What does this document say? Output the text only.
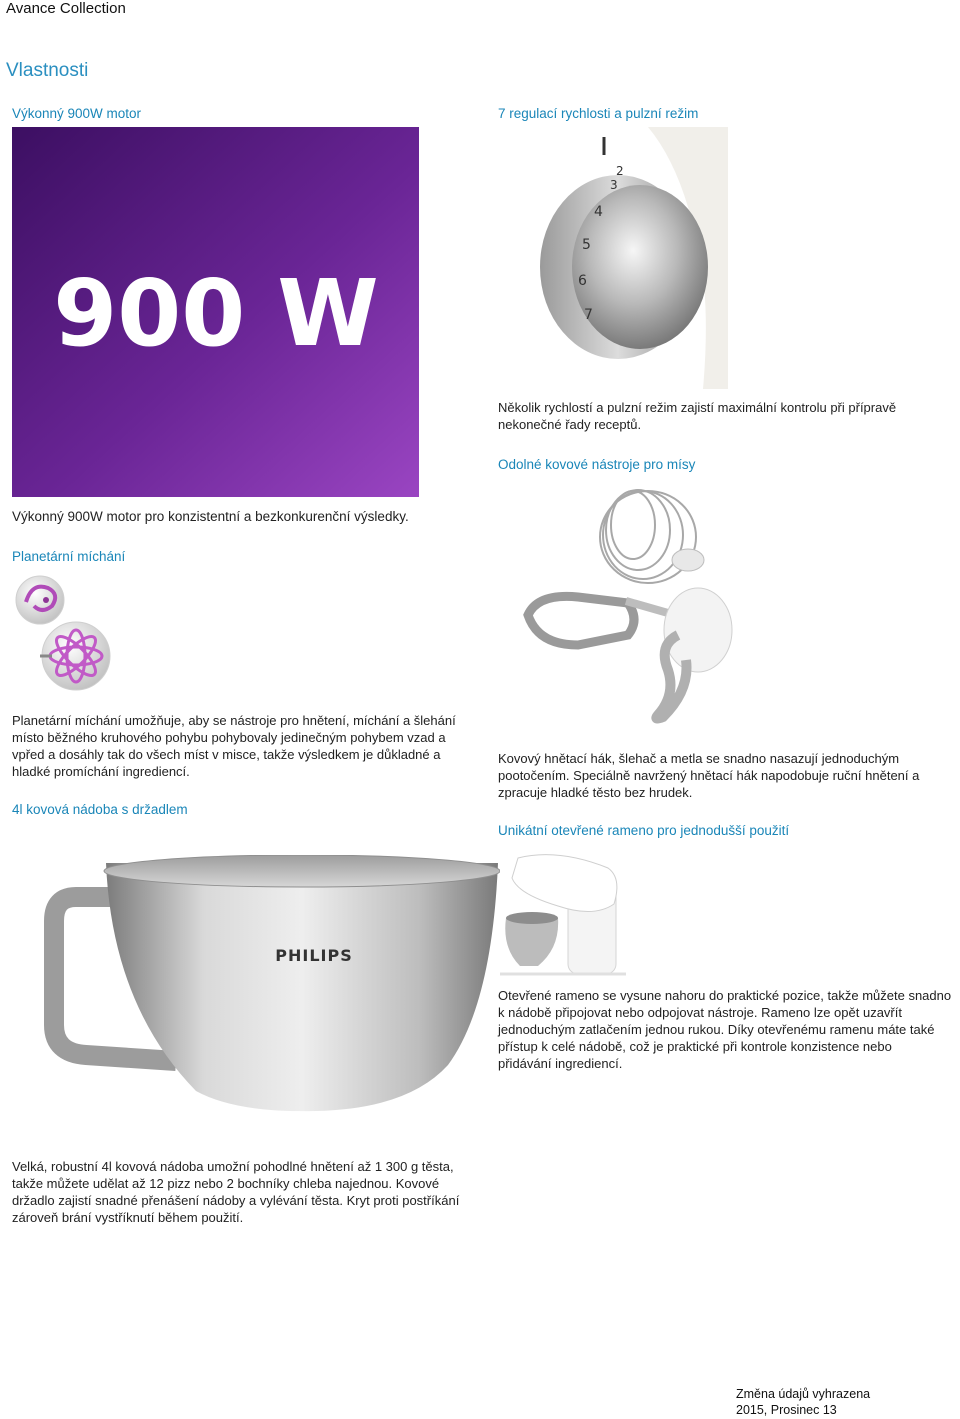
Avance Collection
Vlastnosti
Výkonný 900W motor
900 W
Výkonný 900W motor pro konzistentní a bezkonkurenční výsledky.
7 regulací rychlosti a pulzní režim
2
3
4
5
6
7
Několik rychlostí a pulzní režim zajistí maximální kontrolu při přípravě
nekonečné řady receptů.
Odolné kovové nástroje pro mísy
Kovový hnětací hák, šlehač a metla se snadno nasazují jednoduchým
pootočením. Speciálně navržený hnětací hák napodobuje ruční hnětení a
zpracuje hladké těsto bez hrudek.
Planetární míchání
Planetární míchání umožňuje, aby se nástroje pro hnětení, míchání a šlehání
místo běžného kruhového pohybu pohybovaly jedinečným pohybem vzad a
vpřed a dosáhly tak do všech míst v misce, takže výsledkem je důkladné a
hladké promíchání ingrediencí.
4l kovová nádoba s držadlem
PHILIPS
Velká, robustní 4l kovová nádoba umožní pohodlné hnětení až 1 300 g těsta,
takže můžete udělat až 12 pizz nebo 2 bochníky chleba najednou. Kovové
držadlo zajistí snadné přenášení nádoby a vylévání těsta. Kryt proti postříkání
zároveň brání vystříknutí během použití.
Unikátní otevřené rameno pro jednodušší použití
Otevřené rameno se vysune nahoru do praktické pozice, takže můžete snadno
k nádobě připojovat nebo odpojovat nástroje. Rameno lze opět uzavřít
jednoduchým zatlačením jednou rukou. Díky otevřenému ramenu máte také
přístup k celé nádobě, což je praktické při kontrole konzistence nebo
přidávání ingrediencí.
Změna údajů vyhrazena
2015, Prosinec 13
